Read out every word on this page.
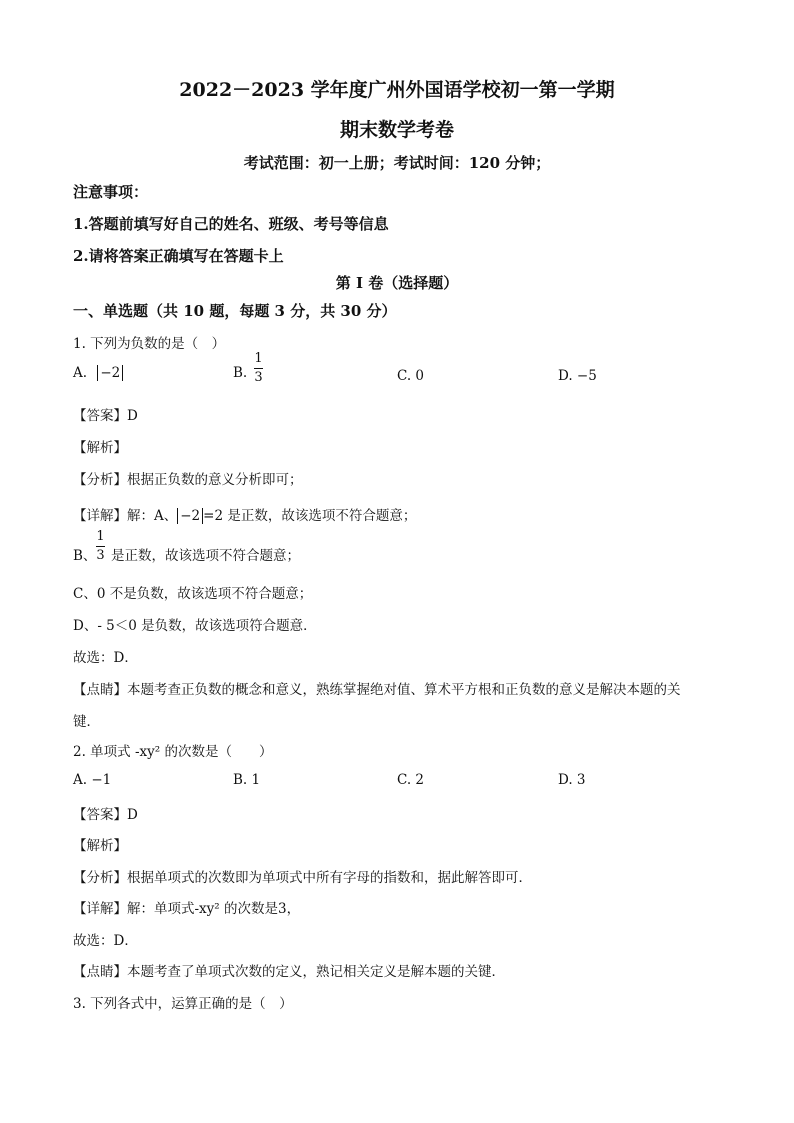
2022－2023 学年度广州外国语学校初一第一学期
期末数学考卷
考试范围：初一上册；考试时间：120 分钟；
注意事项：
1.答题前填写好自己的姓名、班级、考号等信息
2.请将答案正确填写在答题卡上
第 I 卷（选择题）
一、单选题（共 10 题，每题 3 分，共 30 分）
1. 下列为负数的是（　）
A. −2	B.
1
3	C. 0	D. −5
【答案】D
【解析】
【分析】根据正负数的意义分析即可；
【详解】解：A、 −2 =2 是正数，故该选项不符合题意；
B、
1
3 是正数，故该选项不符合题意；
C、0 不是负数，故该选项不符合题意；
D、- 5＜0 是负数，故该选项符合题意．
故选：D．
【点睛】本题考查正负数的概念和意义，熟练掌握绝对值、算术平方根和正负数的意义是解决本题的关
键．
2. 单项式 -xy² 的次数是（　　）
A. −1	B. 1	C. 2	D. 3
【答案】D
【解析】
【分析】根据单项式的次数即为单项式中所有字母的指数和，据此解答即可．
【详解】解：单项式-xy² 的次数是3，
故选：D．
【点睛】本题考查了单项式次数的定义，熟记相关定义是解本题的关键．
3. 下列各式中，运算正确的是（　）
